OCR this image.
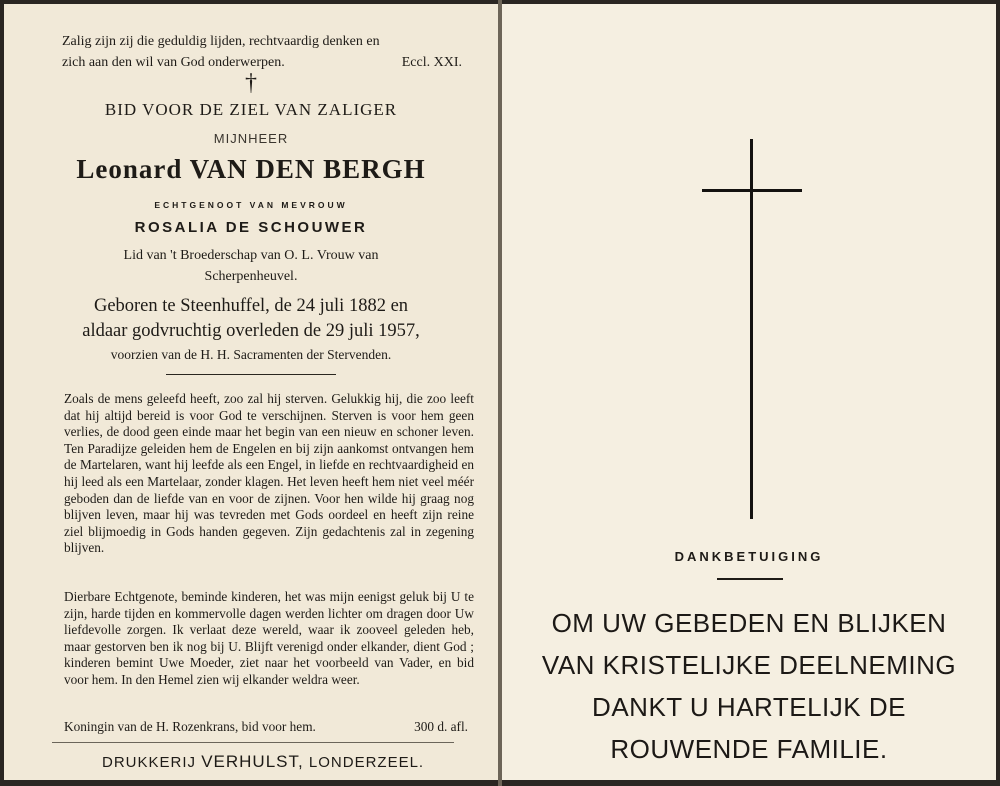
Zalig zijn zij die geduldig lijden, rechtvaardig denken en
zich aan den wil van God onderwerpen.	Eccl. XXI.

†

BID VOOR DE ZIEL VAN ZALIGER

MIJNHEER

Leonard VAN DEN BERGH

ECHTGENOOT VAN MEVROUW

ROSALIA DE SCHOUWER

Lid van 't Broederschap van O. L. Vrouw van
Scherpenheuvel.
Geboren te Steenhuffel, de 24 juli 1882 en
aldaar godvruchtig overleden de 29 juli 1957,

voorzien van de H. H. Sacramenten der Stervenden.

Zoals de mens geleefd heeft, zoo zal hij sterven. Gelukkig hij, die zoo leeft dat hij altijd bereid is voor God te verschijnen. Sterven is voor hem geen verlies, de dood geen einde maar het begin van een nieuw en schoner leven. Ten Paradijze geleiden hem de Engelen en bij zijn aankomst ontvangen hem de Martelaren, want hij leefde als een Engel, in liefde en rechtvaardigheid en hij leed als een Martelaar, zonder klagen. Het leven heeft hem niet veel méér geboden dan de liefde van en voor de zijnen. Voor hen wilde hij graag nog blijven leven, maar hij was tevreden met Gods oordeel en heeft zijn reine ziel blijmoedig in Gods handen gegeven. Zijn gedachtenis zal in zegening blijven.

Dierbare Echtgenote, beminde kinderen, het was mijn eenigst geluk bij U te zijn, harde tijden en kommervolle dagen werden lichter om dragen door Uw liefdevolle zorgen. Ik verlaat deze wereld, waar ik zooveel geleden heb, maar gestorven ben ik nog bij U. Blijft verenigd onder elkander, dient God ; kinderen bemint Uwe Moeder, ziet naar het voorbeeld van Vader, en bid voor hem. In den Hemel zien wij elkander weldra weer.

Koningin van de H. Rozenkrans, bid voor hem.	300 d. afl.
DRUKKERIJ VERHULST, LONDERZEEL.
DANKBETUIGING

OM UW GEBEDEN EN BLIJKEN

VAN KRISTELIJKE DEELNEMING

DANKT U HARTELIJK DE

ROUWENDE FAMILIE.
